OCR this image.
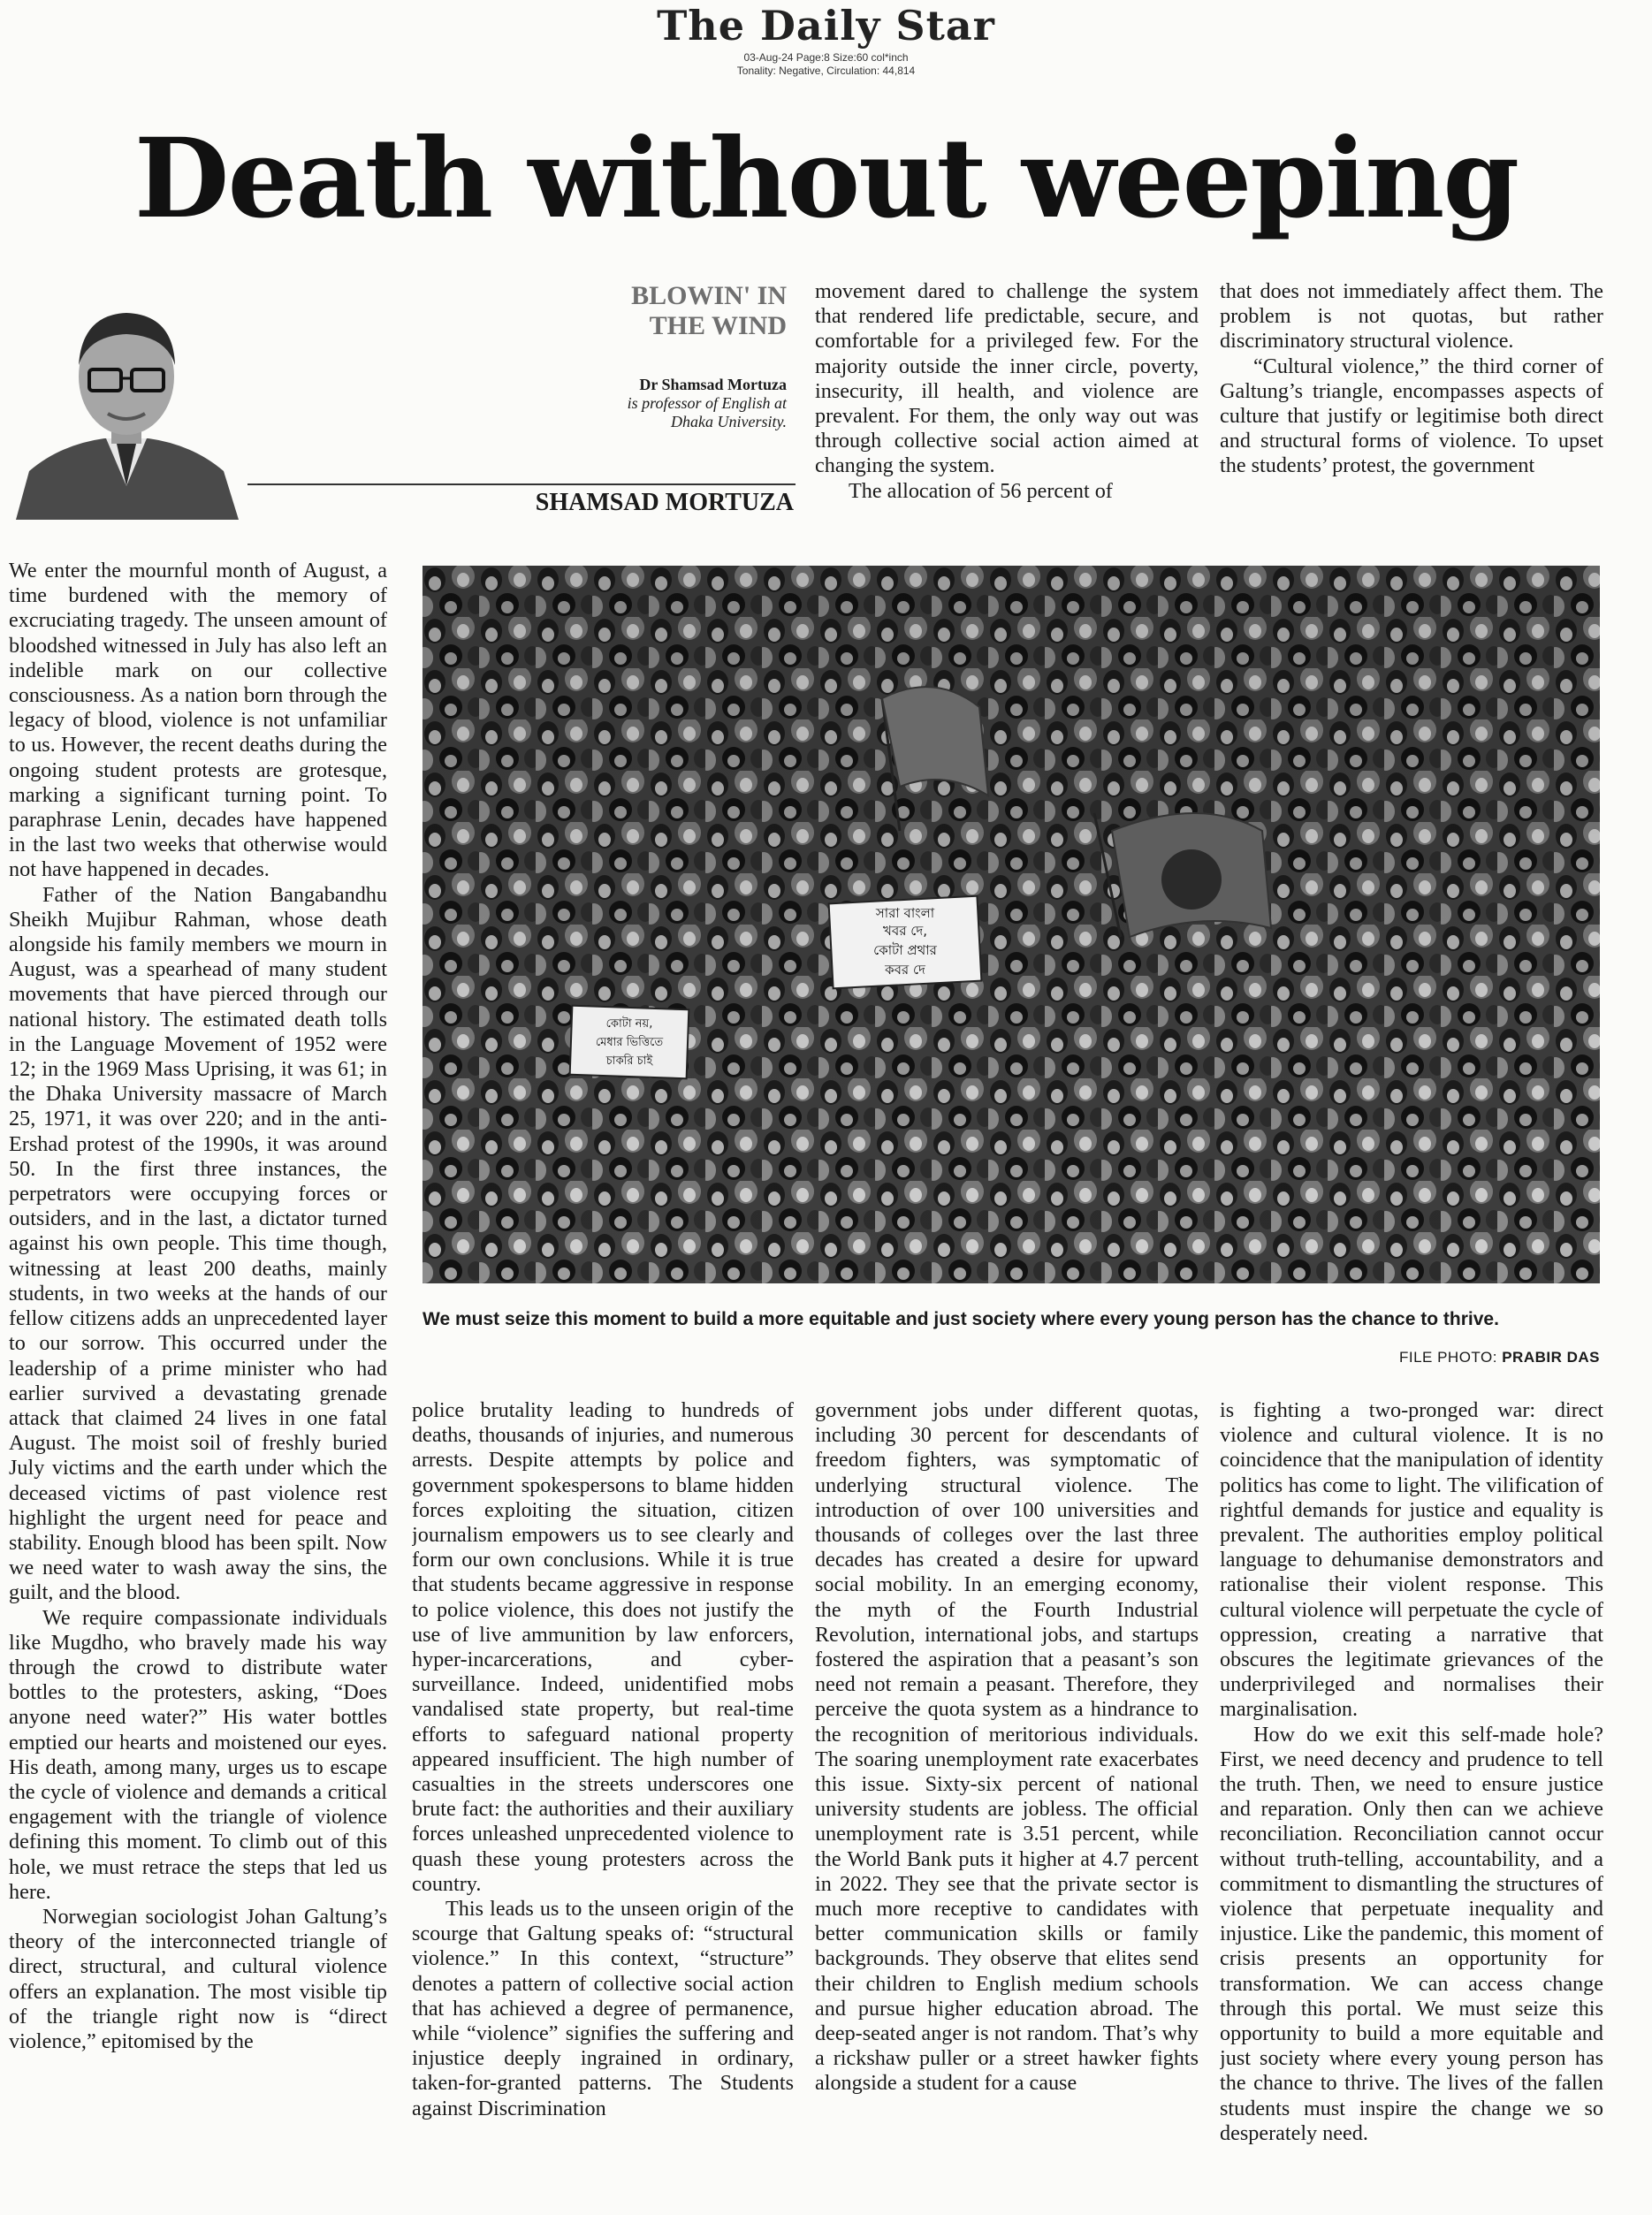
The Daily Star
03-Aug-24 Page:8 Size:60 col*inch
Tonality: Negative, Circulation: 44,814
Death without weeping
BLOWIN' IN
THE WIND
Dr Shamsad Mortuza
is professor of English at
Dhaka University.
SHAMSAD MORTUZA

movement dared to challenge the system that rendered life predictable, secure, and comfortable for a privileged few. For the majority outside the inner circle, poverty, insecurity, ill health, and violence are prevalent. For them, the only way out was through collective social action aimed at changing the system.

The allocation of 56 percent of

that does not immediately affect them. The problem is not quotas, but rather discriminatory structural violence.

“Cultural violence,” the third corner of Galtung’s triangle, encompasses aspects of culture that justify or legitimise both direct and structural forms of violence. To upset the students’ protest, the government

We enter the mournful month of August, a time burdened with the memory of excruciating tragedy. The unseen amount of bloodshed witnessed in July has also left an indelible mark on our collective consciousness. As a nation born through the legacy of blood, violence is not unfamiliar to us. However, the recent deaths during the ongoing student protests are grotesque, marking a significant turning point. To paraphrase Lenin, decades have happened in the last two weeks that otherwise would not have happened in decades.

Father of the Nation Bangabandhu Sheikh Mujibur Rahman, whose death alongside his family members we mourn in August, was a spearhead of many student movements that have pierced through our national history. The estimated death tolls in the Language Movement of 1952 were 12; in the 1969 Mass Uprising, it was 61; in the Dhaka University massacre of March 25, 1971, it was over 220; and in the anti-Ershad protest of the 1990s, it was around 50. In the first three instances, the perpetrators were occupying forces or outsiders, and in the last, a dictator turned against his own people. This time though, witnessing at least 200 deaths, mainly students, in two weeks at the hands of our fellow citizens adds an unprecedented layer to our sorrow. This occurred under the leadership of a prime minister who had earlier survived a devastating grenade attack that claimed 24 lives in one fatal August. The moist soil of freshly buried July victims and the earth under which the deceased victims of past violence rest highlight the urgent need for peace and stability. Enough blood has been spilt. Now we need water to wash away the sins, the guilt, and the blood.

We require compassionate individuals like Mugdho, who bravely made his way through the crowd to distribute water bottles to the protesters, asking, “Does anyone need water?” His water bottles emptied our hearts and moistened our eyes. His death, among many, urges us to escape the cycle of violence and demands a critical engagement with the triangle of violence defining this moment. To climb out of this hole, we must retrace the steps that led us here.

Norwegian sociologist Johan Galtung’s theory of the interconnected triangle of direct, structural, and cultural violence offers an explanation. The most visible tip of the triangle right now is “direct violence,” epitomised by the

সারা বাংলা
খবর দে,
কোটা প্রথার
কবর দে
কোটা নয়,
মেধার ভিত্তিতে
চাকরি চাই
We must seize this moment to build a more equitable and just society where every young person has the chance to thrive.
FILE PHOTO: PRABIR DAS

police brutality leading to hundreds of deaths, thousands of injuries, and numerous arrests. Despite attempts by police and government spokespersons to blame hidden forces exploiting the situation, citizen journalism empowers us to see clearly and form our own conclusions. While it is true that students became aggressive in response to police violence, this does not justify the use of live ammunition by law enforcers, hyper-incarcerations, and cyber-surveillance. Indeed, unidentified mobs vandalised state property, but real-time efforts to safeguard national property appeared insufficient. The high number of casualties in the streets underscores one brute fact: the authorities and their auxiliary forces unleashed unprecedented violence to quash these young protesters across the country.

This leads us to the unseen origin of the scourge that Galtung speaks of: “structural violence.” In this context, “structure” denotes a pattern of collective social action that has achieved a degree of permanence, while “violence” signifies the suffering and injustice deeply ingrained in ordinary, taken-for-granted patterns. The Students against Discrimination

government jobs under different quotas, including 30 percent for descendants of freedom fighters, was symptomatic of underlying structural violence. The introduction of over 100 universities and thousands of colleges over the last three decades has created a desire for upward social mobility. In an emerging economy, the myth of the Fourth Industrial Revolution, international jobs, and startups fostered the aspiration that a peasant’s son need not remain a peasant. Therefore, they perceive the quota system as a hindrance to the recognition of meritorious individuals. The soaring unemployment rate exacerbates this issue. Sixty-six percent of national university students are jobless. The official unemployment rate is 3.51 percent, while the World Bank puts it higher at 4.7 percent in 2022. They see that the private sector is much more receptive to candidates with better communication skills or family backgrounds. They observe that elites send their children to English medium schools and pursue higher education abroad. The deep-seated anger is not random. That’s why a rickshaw puller or a street hawker fights alongside a student for a cause

is fighting a two-pronged war: direct violence and cultural violence. It is no coincidence that the manipulation of identity politics has come to light. The vilification of rightful demands for justice and equality is prevalent. The authorities employ political language to dehumanise demonstrators and rationalise their violent response. This cultural violence will perpetuate the cycle of oppression, creating a narrative that obscures the legitimate grievances of the underprivileged and normalises their marginalisation.

How do we exit this self-made hole? First, we need decency and prudence to tell the truth. Then, we need to ensure justice and reparation. Only then can we achieve reconciliation. Reconciliation cannot occur without truth-telling, accountability, and a commitment to dismantling the structures of violence that perpetuate inequality and injustice. Like the pandemic, this moment of crisis presents an opportunity for transformation. We can access change through this portal. We must seize this opportunity to build a more equitable and just society where every young person has the chance to thrive. The lives of the fallen students must inspire the change we so desperately need.
